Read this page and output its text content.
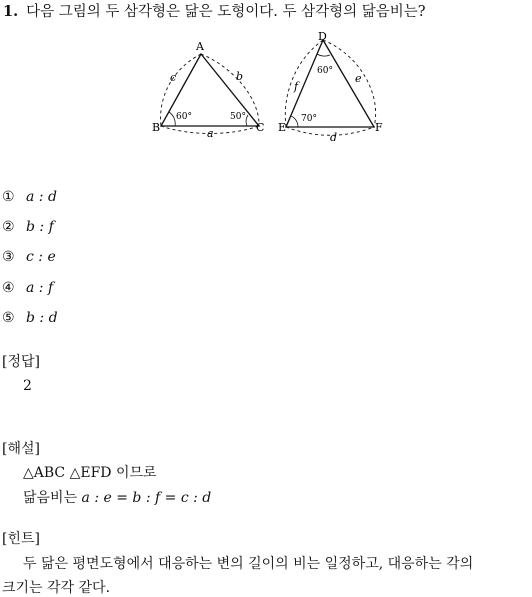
1. 다음 그림의 두 삼각형은 닮은 도형이다. 두 삼각형의 닮음비는?
A
B	C
c	b
a
60°	50°
D
E	F
f
e
d
60°
70°
① a : d
② b : f
③ c : e
④ a : f
⑤ b : d
[정답]
2
[해설]
△ABC △EFD 이므로
닮음비는 a : e = b : f = c : d
[힌트]
두 닮은 평면도형에서 대응하는 변의 길이의 비는 일정하고, 대응하는 각의
크기는 각각 같다.
